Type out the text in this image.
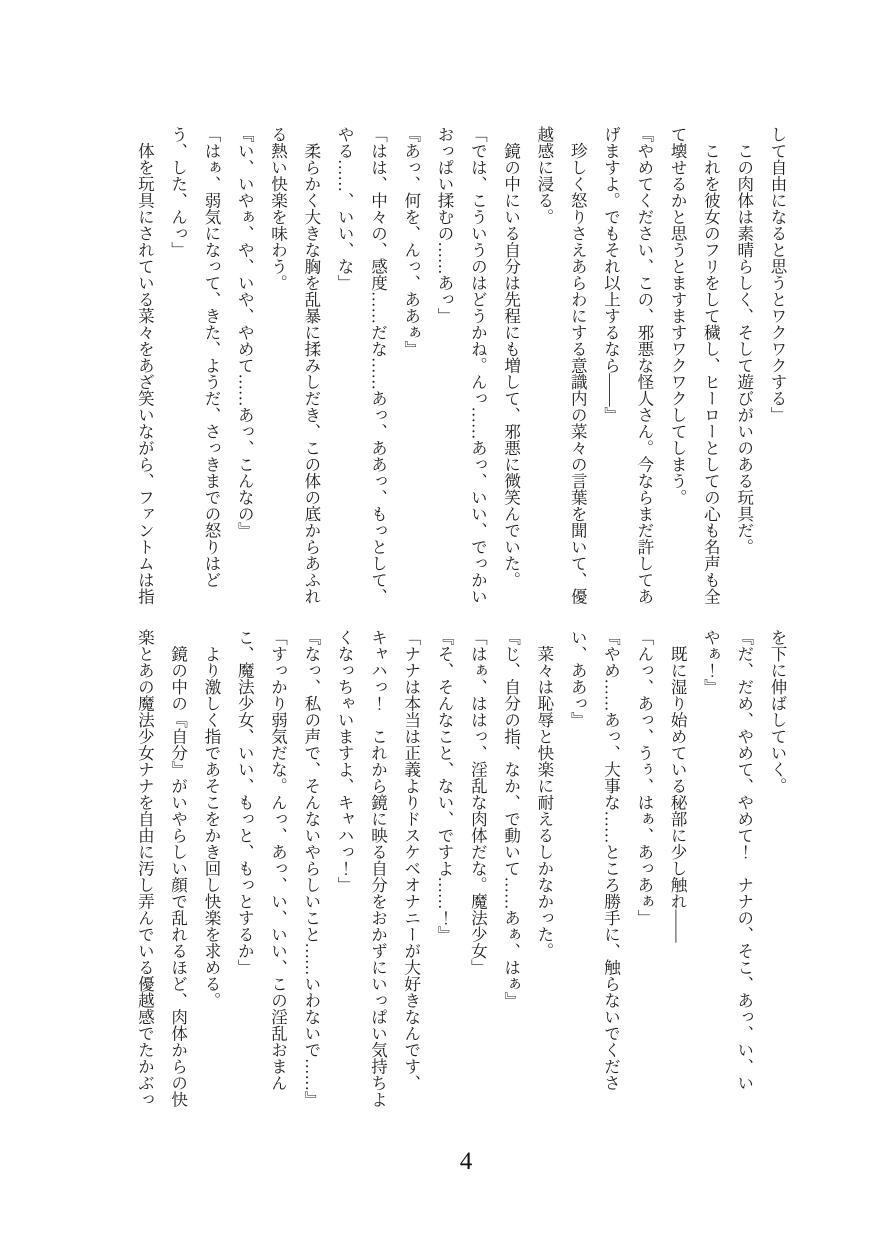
して自由になると思うとワクワクする」
　この肉体は素晴らしく、そして遊びがいのある玩具だ。
　これを彼女のフリをして穢し、ヒーローとしての心も名声も全
て壊せるかと思うとますますワクワクしてしまう。
『やめてください、この、邪悪な怪人さん。今ならまだ許してあ
げますよ。でもそれ以上するなら——』
　珍しく怒りさえあらわにする意識内の菜々の言葉を聞いて、優
越感に浸る。
　鏡の中にいる自分は先程にも増して、邪悪に微笑んでいた。
「では、こういうのはどうかね。んっ……あっ、いい、でっかい
おっぱい揉むの……あっ」
『あっ、何を、んっ、ああぁ』
「はは、中々の、感度……だな……あっ、ああっ、もっとして、
やる……、いい、な」
　柔らかく大きな胸を乱暴に揉みしだき、この体の底からあふれ
る熱い快楽を味わう。
『い、いやぁ、や、いや、やめて……あっ、こんなの』
「はぁ、弱気になって、きた、ようだ、さっきまでの怒りはど
う、した、んっ」
　体を玩具にされている菜々をあざ笑いながら、ファントムは指
を下に伸ばしていく。
『だ、だめ、やめて、やめて！　ナナの、そこ、あっ、い、い
やぁ！』
　既に湿り始めている秘部に少し触れ——
「んっ、あっ、うぅ、はぁ、あっあぁ」
『やめ……あっ、大事な……ところ勝手に、触らないでくださ
い、ああっ』
　菜々は恥辱と快楽に耐えるしかなかった。
『じ、自分の指、なか、で動いて……あぁ、はぁ』
「はぁ、ははっ、淫乱な肉体だな。魔法少女」
『そ、そんなこと、ない、ですよ……！』
「ナナは本当は正義よりドスケベオナニーが大好きなんです、
キャハっ！　これから鏡に映る自分をおかずにいっぱい気持ちよ
くなっちゃいますよ、キャハっ！」
『なっ、私の声で、そんないやらしいこと……いわないで……』
「すっかり弱気だな。んっ、あっ、い、いい、この淫乱おまん
こ、魔法少女、いい、もっと、もっとするか」
　より激しく指であそこをかき回し快楽を求める。
　鏡の中の『自分』がいやらしい顔で乱れるほど、肉体からの快
楽とあの魔法少女ナナを自由に汚し弄んでいる優越感でたかぶっ
4
